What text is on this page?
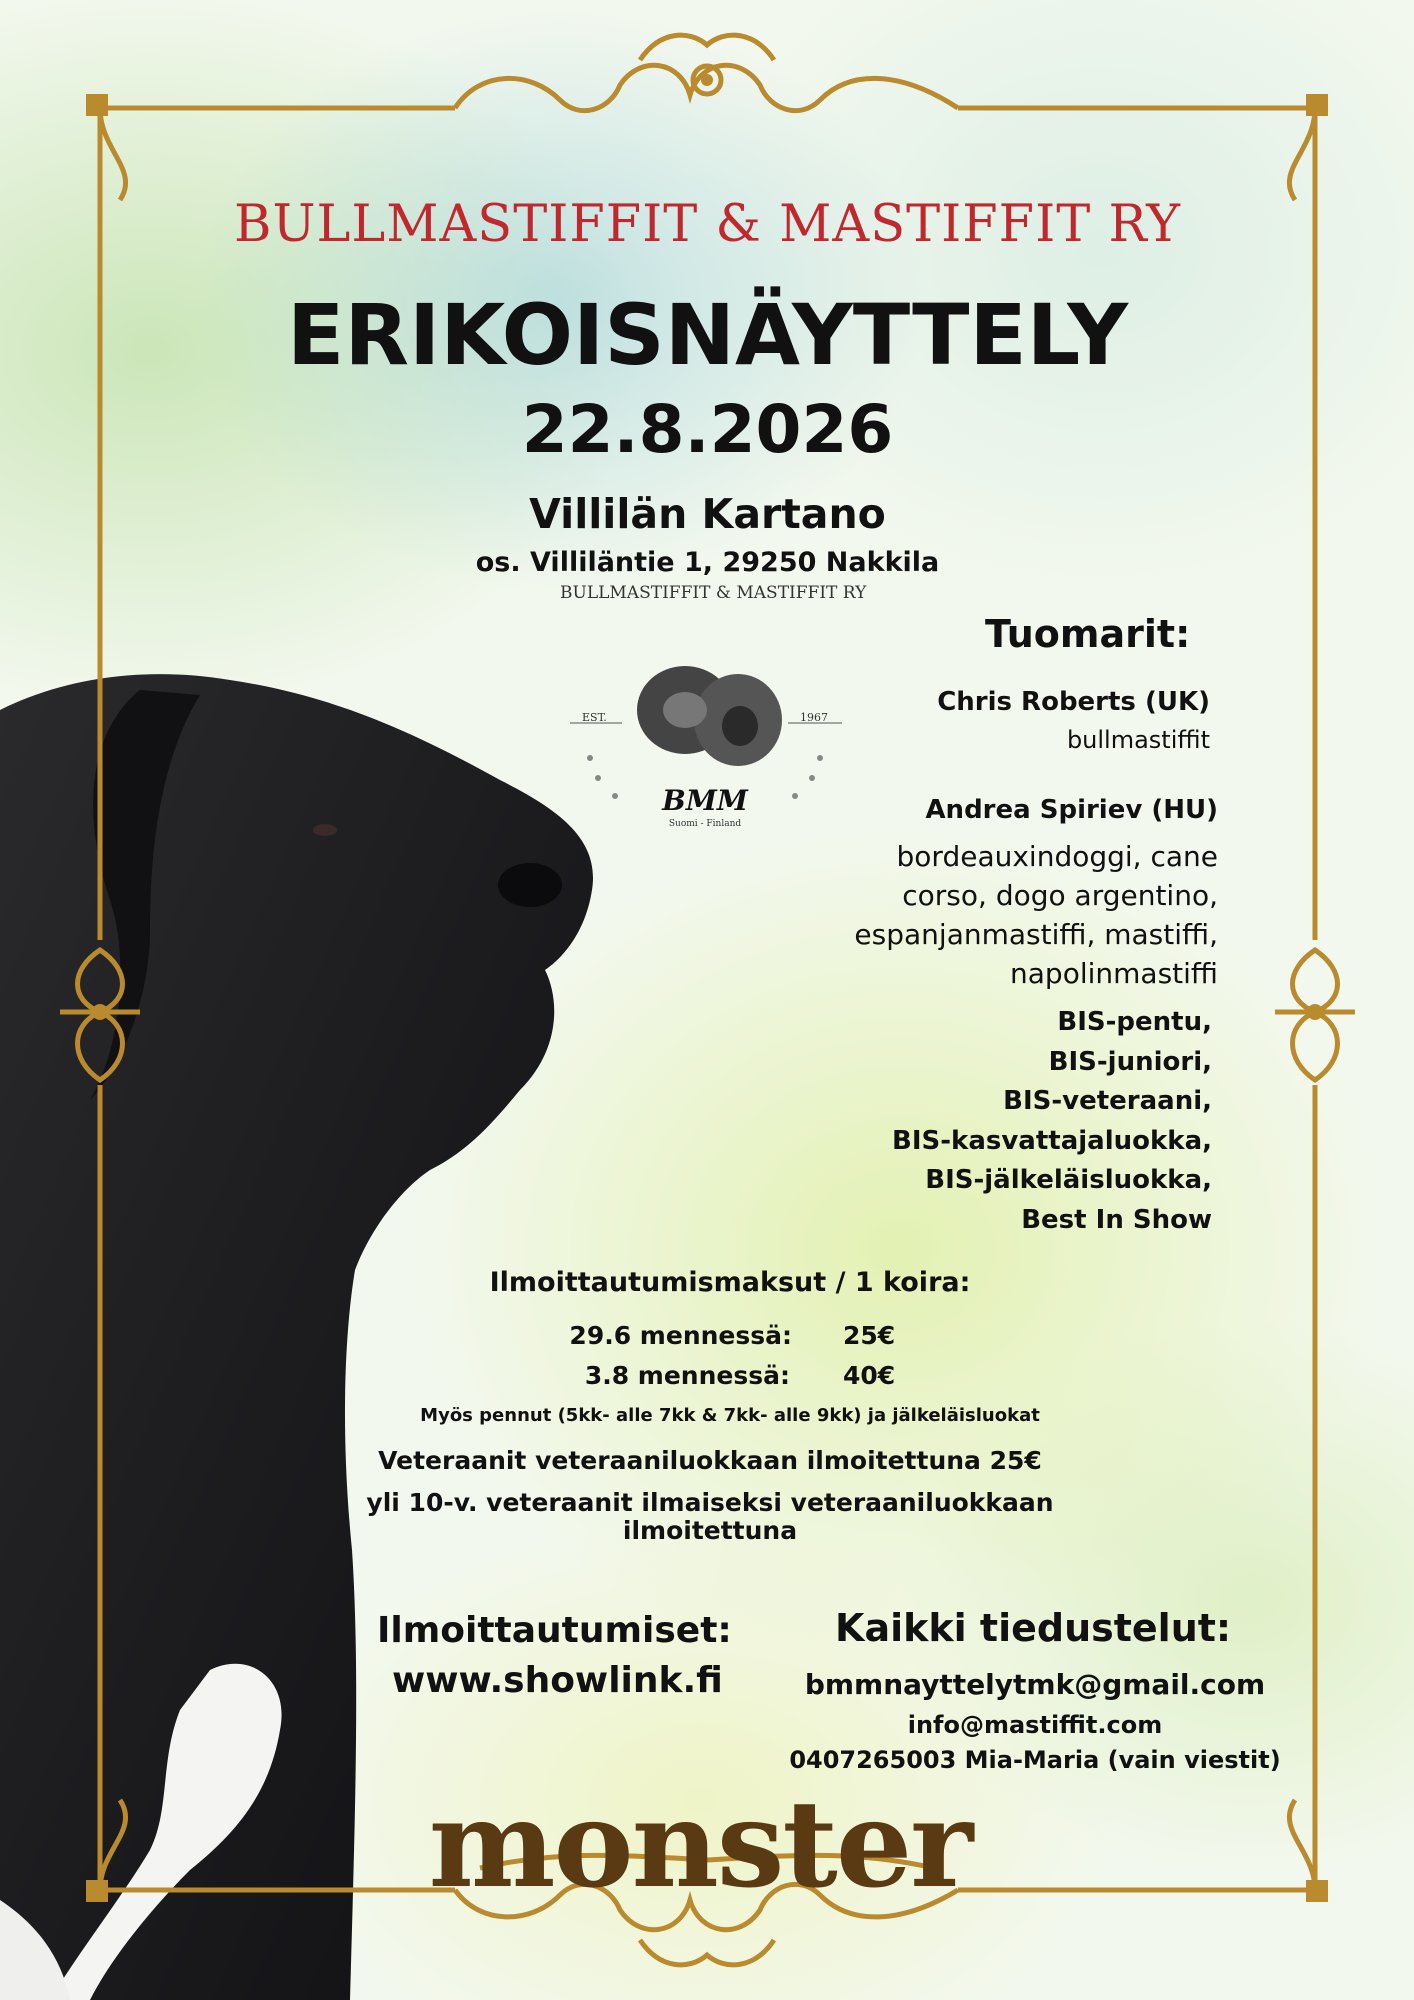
BULLMASTIFFIT & MASTIFFIT RY
ERIKOISNÄYTTELY
22.8.2026
Villilän Kartano
os. Villiläntie 1, 29250 Nakkila
BULLMASTIFFIT & MASTIFFIT RY
EST.	1967
BMM
Suomi - Finland
Tuomarit:
Chris Roberts (UK)
bullmastiffit
Andrea Spiriev (HU)
bordeauxindoggi, cane
corso, dogo argentino,
espanjanmastiffi, mastiffi,
napolinmastiffi
BIS-pentu,
BIS-juniori,
BIS-veteraani,
BIS-kasvattajaluokka,
BIS-jälkeläisluokka,
Best In Show
Ilmoittautumismaksut / 1 koira:
29.6 mennessä: 25€
3.8 mennessä: 40€
Myös pennut (5kk- alle 7kk & 7kk- alle 9kk) ja jälkeläisluokat
Veteraanit veteraaniluokkaan ilmoitettuna 25€
yli 10-v. veteraanit ilmaiseksi veteraaniluokkaan
ilmoitettuna
Ilmoittautumiset:
www.showlink.fi
Kaikki tiedustelut:
bmmnayttelytmk@gmail.com
info@mastiffit.com
0407265003 Mia-Maria (vain viestit)
monster
